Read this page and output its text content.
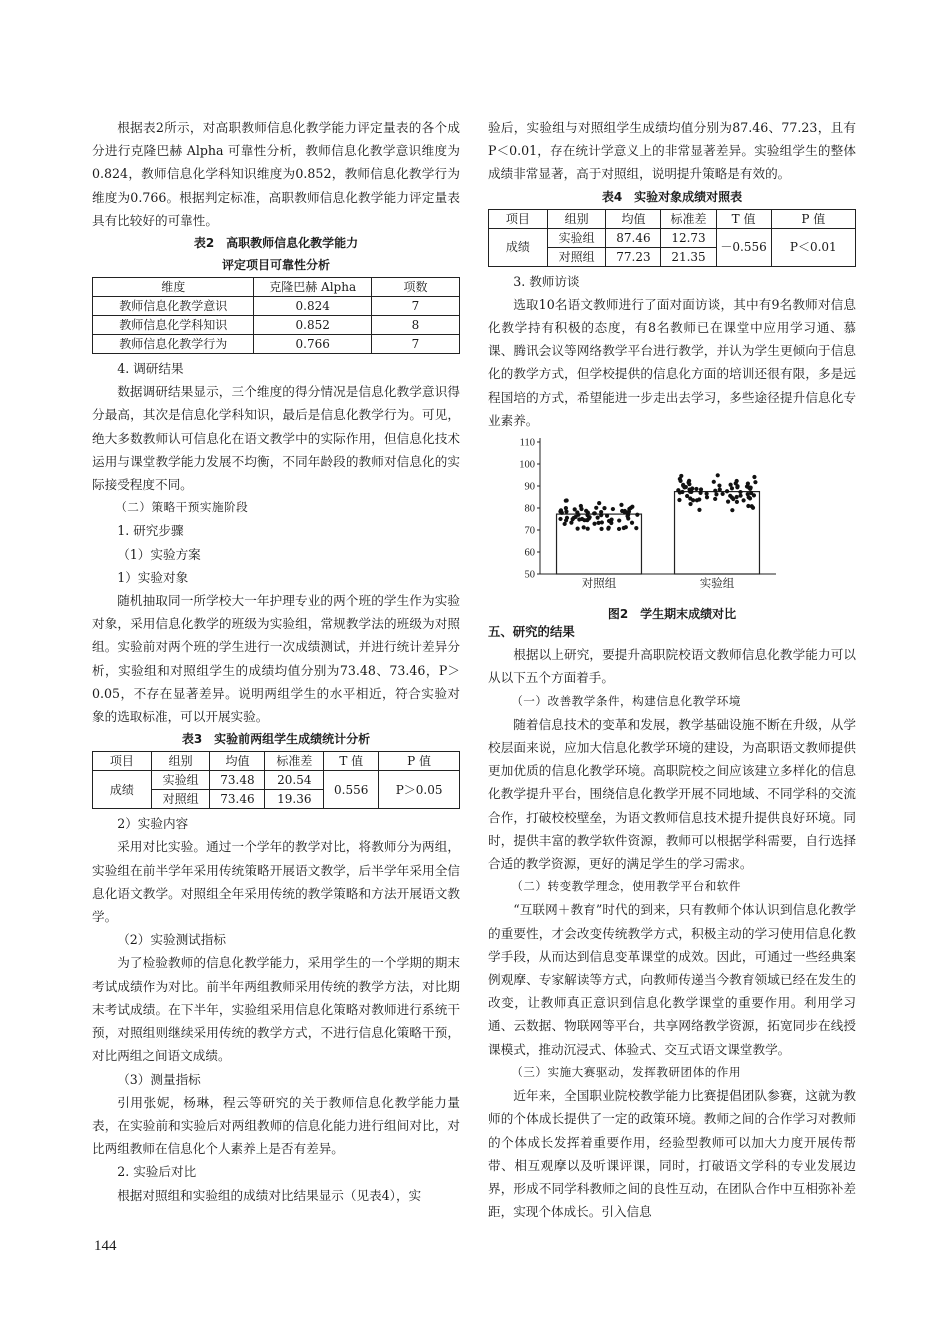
根据表2所示，对高职教师信息化教学能力评定量表的各个成分进行克隆巴赫 Alpha 可靠性分析，教师信息化教学意识维度为0.824，教师信息化学科知识维度为0.852，教师信息化教学行为维度为0.766。根据判定标准，高职教师信息化教学能力评定量表具有比较好的可靠性。

表2　高职教师信息化教学能力
评定项目可靠性分析
维度	克隆巴赫 Alpha	项数
教师信息化教学意识	0.824	7
教师信息化学科知识	0.852	8
教师信息化教学行为	0.766	7

4. 调研结果

数据调研结果显示，三个维度的得分情况是信息化教学意识得分最高，其次是信息化学科知识，最后是信息化教学行为。可见，绝大多数教师认可信息化在语文教学中的实际作用，但信息化技术运用与课堂教学能力发展不均衡，不同年龄段的教师对信息化的实际接受程度不同。

（二）策略干预实施阶段

1. 研究步骤

（1）实验方案

1）实验对象

随机抽取同一所学校大一年护理专业的两个班的学生作为实验对象，采用信息化教学的班级为实验组，常规教学法的班级为对照组。实验前对两个班的学生进行一次成绩测试，并进行统计差异分析，实验组和对照组学生的成绩均值分别为73.48、73.46，P＞0.05，不存在显著差异。说明两组学生的水平相近，符合实验对象的选取标准，可以开展实验。

表3　实验前两组学生成绩统计分析
项目	组别	均值	标准差	T 值	P 值
成绩	实验组	73.48	20.54	0.556	P＞0.05
	对照组	73.46	19.36		

2）实验内容

采用对比实验。通过一个学年的教学对比，将教师分为两组，实验组在前半学年采用传统策略开展语文教学，后半学年采用全信息化语文教学。对照组全年采用传统的教学策略和方法开展语文教学。

（2）实验测试指标

为了检验教师的信息化教学能力，采用学生的一个学期的期末考试成绩作为对比。前半年两组教师采用传统的教学方法，对比期末考试成绩。在下半年，实验组采用信息化策略对教师进行系统干预，对照组则继续采用传统的教学方式，不进行信息化策略干预，对比两组之间语文成绩。

（3）测量指标

引用张妮，杨琳，程云等研究的关于教师信息化教学能力量表，在实验前和实验后对两组教师的信息化能力进行组间对比，对比两组教师在信息化个人素养上是否有差异。

2. 实验后对比

根据对照组和实验组的成绩对比结果显示（见表4），实

验后，实验组与对照组学生成绩均值分别为87.46、77.23，且有P＜0.01，存在统计学意义上的非常显著差异。实验组学生的整体成绩非常显著，高于对照组，说明提升策略是有效的。

表4　实验对象成绩对照表
项目	组别	均值	标准差	T 值	P 值
成绩	实验组	87.46	12.73	－0.556	P＜0.01
	对照组	77.23	21.35		

3. 教师访谈

选取10名语文教师进行了面对面访谈，其中有9名教师对信息化教学持有积极的态度，有8名教师已在课堂中应用学习通、慕课、腾讯会议等网络教学平台进行教学，并认为学生更倾向于信息化的教学方式，但学校提供的信息化方面的培训还很有限，多是远程国培的方式，希望能进一步走出去学习，多些途径提升信息化专业素养。

50
60
70
80
90
100
110
对照组	实验组
图2　学生期末成绩对比

五、研究的结果

根据以上研究，要提升高职院校语文教师信息化教学能力可以从以下五个方面着手。

（一）改善教学条件，构建信息化教学环境

随着信息技术的变革和发展，教学基础设施不断在升级，从学校层面来说，应加大信息化教学环境的建设，为高职语文教师提供更加优质的信息化教学环境。高职院校之间应该建立多样化的信息化教学提升平台，围绕信息化教学开展不同地域、不同学科的交流合作，打破校校壁垒，为语文教师信息技术提升提供良好环境。同时，提供丰富的教学软件资源，教师可以根据学科需要，自行选择合适的教学资源，更好的满足学生的学习需求。

（二）转变教学理念，使用教学平台和软件

“互联网＋教育”时代的到来，只有教师个体认识到信息化教学的重要性，才会改变传统教学方式，积极主动的学习使用信息化教学手段，从而达到信息变革课堂的成效。因此，可通过一些经典案例观摩、专家解读等方式，向教师传递当今教育领域已经在发生的改变，让教师真正意识到信息化教学课堂的重要作用。利用学习通、云数据、物联网等平台，共享网络教学资源，拓宽同步在线授课模式，推动沉浸式、体验式、交互式语文课堂教学。

（三）实施大赛驱动，发挥教研团体的作用

近年来，全国职业院校教学能力比赛提倡团队参赛，这就为教师的个体成长提供了一定的政策环境。教师之间的合作学习对教师的个体成长发挥着重要作用，经验型教师可以加大力度开展传帮带、相互观摩以及听课评课，同时，打破语文学科的专业发展边界，形成不同学科教师之间的良性互动，在团队合作中互相弥补差距，实现个体成长。引入信息

144
